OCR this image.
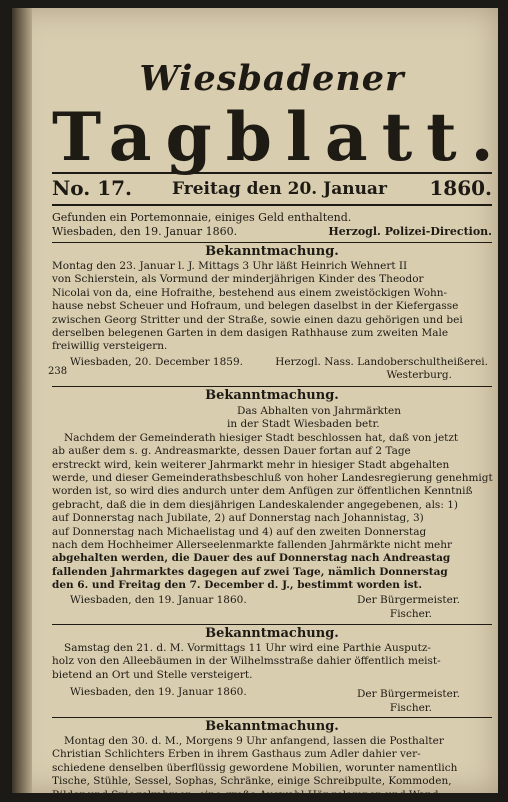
Wiesbadener
Tagblatt.
No. 17. Freitag den 20. Januar 1860.
Gefunden ein Portemonnaie, einiges Geld enthaltend.
Wiesbaden, den 19. Januar 1860.	Herzogl. Polizei-Direction.
Bekanntmachung.
Montag den 23. Januar l. J. Mittags 3 Uhr läßt Heinrich Wehnert II
von Schierstein, als Vormund der minderjährigen Kinder des Theodor
Nicolai von da, eine Hofraithe, bestehend aus einem zweistöckigen Wohn-
hause nebst Scheuer und Hofraum, und belegen daselbst in der Kiefergasse
zwischen Georg Stritter und der Straße, sowie einen dazu gehörigen und bei
derselben belegenen Garten in dem dasigen Rathhause zum zweiten Male
freiwillig versteigern.
Wiesbaden, 20. December 1859.
238
Herzogl. Nass. Landoberschultheißerei.
Westerburg.
Bekanntmachung.
Das Abhalten von Jahrmärkten
in der Stadt Wiesbaden betr.
Nachdem der Gemeinderath hiesiger Stadt beschlossen hat, daß von jetzt
ab außer dem s. g. Andreasmarkte, dessen Dauer fortan auf 2 Tage
erstreckt wird, kein weiterer Jahrmarkt mehr in hiesiger Stadt abgehalten
werde, und dieser Gemeinderathsbeschluß von hoher Landesregierung genehmigt
worden ist, so wird dies andurch unter dem Anfügen zur öffentlichen Kenntniß
gebracht, daß die in dem diesjährigen Landeskalender angegebenen, als: 1)
auf Donnerstag nach Jubilate, 2) auf Donnerstag nach Johannistag, 3)
auf Donnerstag nach Michaelistag und 4) auf den zweiten Donnerstag
nach dem Hochheimer Allerseelenmarkte fallenden Jahrmärkte nicht mehr
abgehalten werden, die Dauer des auf Donnerstag nach Andreastag
fallenden Jahrmarktes dagegen auf zwei Tage, nämlich Donnerstag
den 6. und Freitag den 7. December d. J., bestimmt worden ist.
Wiesbaden, den 19. Januar 1860.	Der Bürgermeister.
Fischer.
Bekanntmachung.
Samstag den 21. d. M. Vormittags 11 Uhr wird eine Parthie Ausputz-
holz von den Alleebäumen in der Wilhelmsstraße dahier öffentlich meist-
bietend an Ort und Stelle versteigert.
Wiesbaden, den 19. Januar 1860.	Der Bürgermeister.
Fischer.
Bekanntmachung.
Montag den 30. d. M., Morgens 9 Uhr anfangend, lassen die Posthalter
Christian Schlichters Erben in ihrem Gasthaus zum Adler dahier ver-
schiedene denselben überflüssig gewordene Mobilien, worunter namentlich
Tische, Stühle, Sessel, Sophas, Schränke, einige Schreibpulte, Kommoden,
Bilder und Spiegelrahmen, eine große Auswahl Hängelampen und Wand-
